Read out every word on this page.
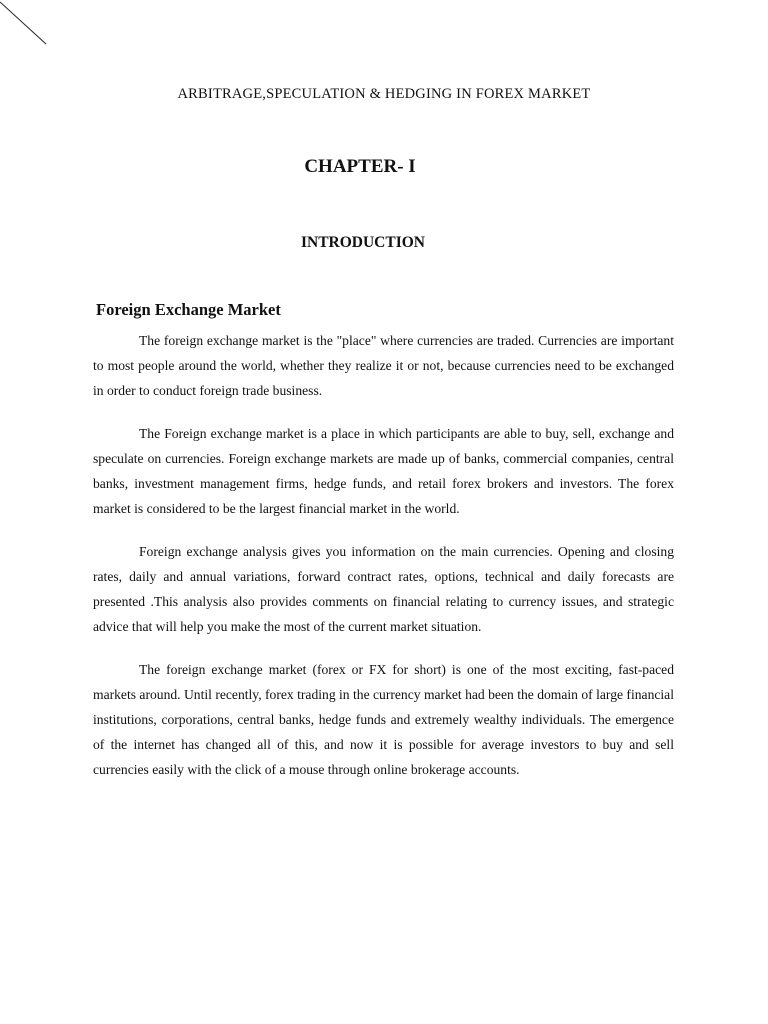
ARBITRAGE,SPECULATION & HEDGING IN FOREX MARKET
CHAPTER- I
INTRODUCTION
Foreign Exchange Market

The foreign exchange market is the "place" where currencies are traded. Currencies are important to most people around the world, whether they realize it or not, because currencies need to be exchanged in order to conduct foreign trade business.

The Foreign exchange market is a place in which participants are able to buy, sell, exchange and speculate on currencies. Foreign exchange markets are made up of banks, commercial companies, central banks, investment management firms, hedge funds, and retail forex brokers and investors. The forex market is considered to be the largest financial market in the world.

Foreign exchange analysis gives you information on the main currencies. Opening and closing rates, daily and annual variations, forward contract rates, options, technical and daily forecasts are presented .This analysis also provides comments on financial relating to currency issues, and strategic advice that will help you make the most of the current market situation.

The foreign exchange market (forex or FX for short) is one of the most exciting, fast-paced markets around. Until recently, forex trading in the currency market had been the domain of large financial institutions, corporations, central banks, hedge funds and extremely wealthy individuals. The emergence of the internet has changed all of this, and now it is possible for average investors to buy and sell currencies easily with the click of a mouse through online brokerage accounts.
